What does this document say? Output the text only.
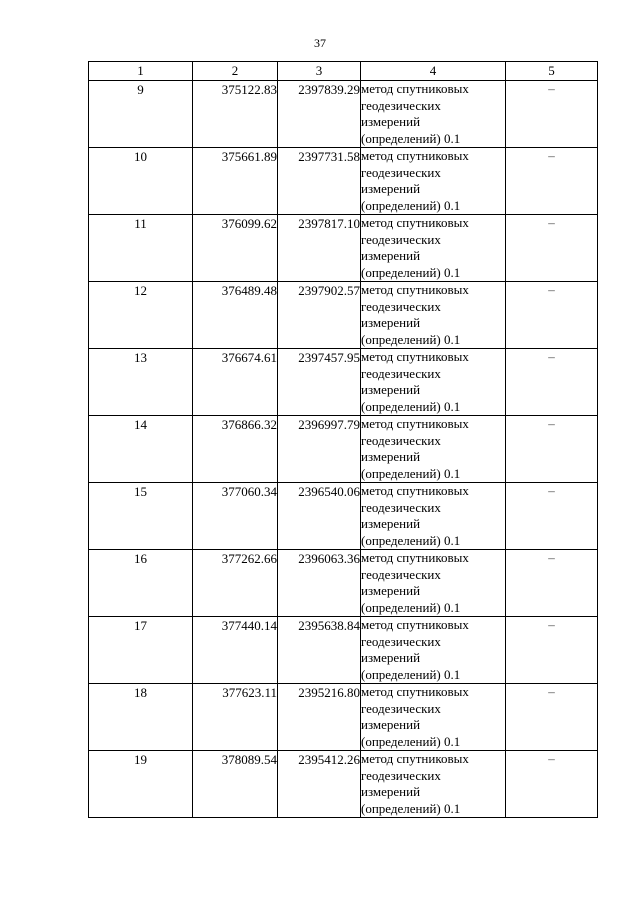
37
1	2	3	4	5
9	375122.83	2397839.29	метод спутниковых
геодезических
измерений
(определений) 0.1	–
10	375661.89	2397731.58	метод спутниковых
геодезических
измерений
(определений) 0.1	–
11	376099.62	2397817.10	метод спутниковых
геодезических
измерений
(определений) 0.1	–
12	376489.48	2397902.57	метод спутниковых
геодезических
измерений
(определений) 0.1	–
13	376674.61	2397457.95	метод спутниковых
геодезических
измерений
(определений) 0.1	–
14	376866.32	2396997.79	метод спутниковых
геодезических
измерений
(определений) 0.1	–
15	377060.34	2396540.06	метод спутниковых
геодезических
измерений
(определений) 0.1	–
16	377262.66	2396063.36	метод спутниковых
геодезических
измерений
(определений) 0.1	–
17	377440.14	2395638.84	метод спутниковых
геодезических
измерений
(определений) 0.1	–
18	377623.11	2395216.80	метод спутниковых
геодезических
измерений
(определений) 0.1	–
19	378089.54	2395412.26	метод спутниковых
геодезических
измерений
(определений) 0.1	–
